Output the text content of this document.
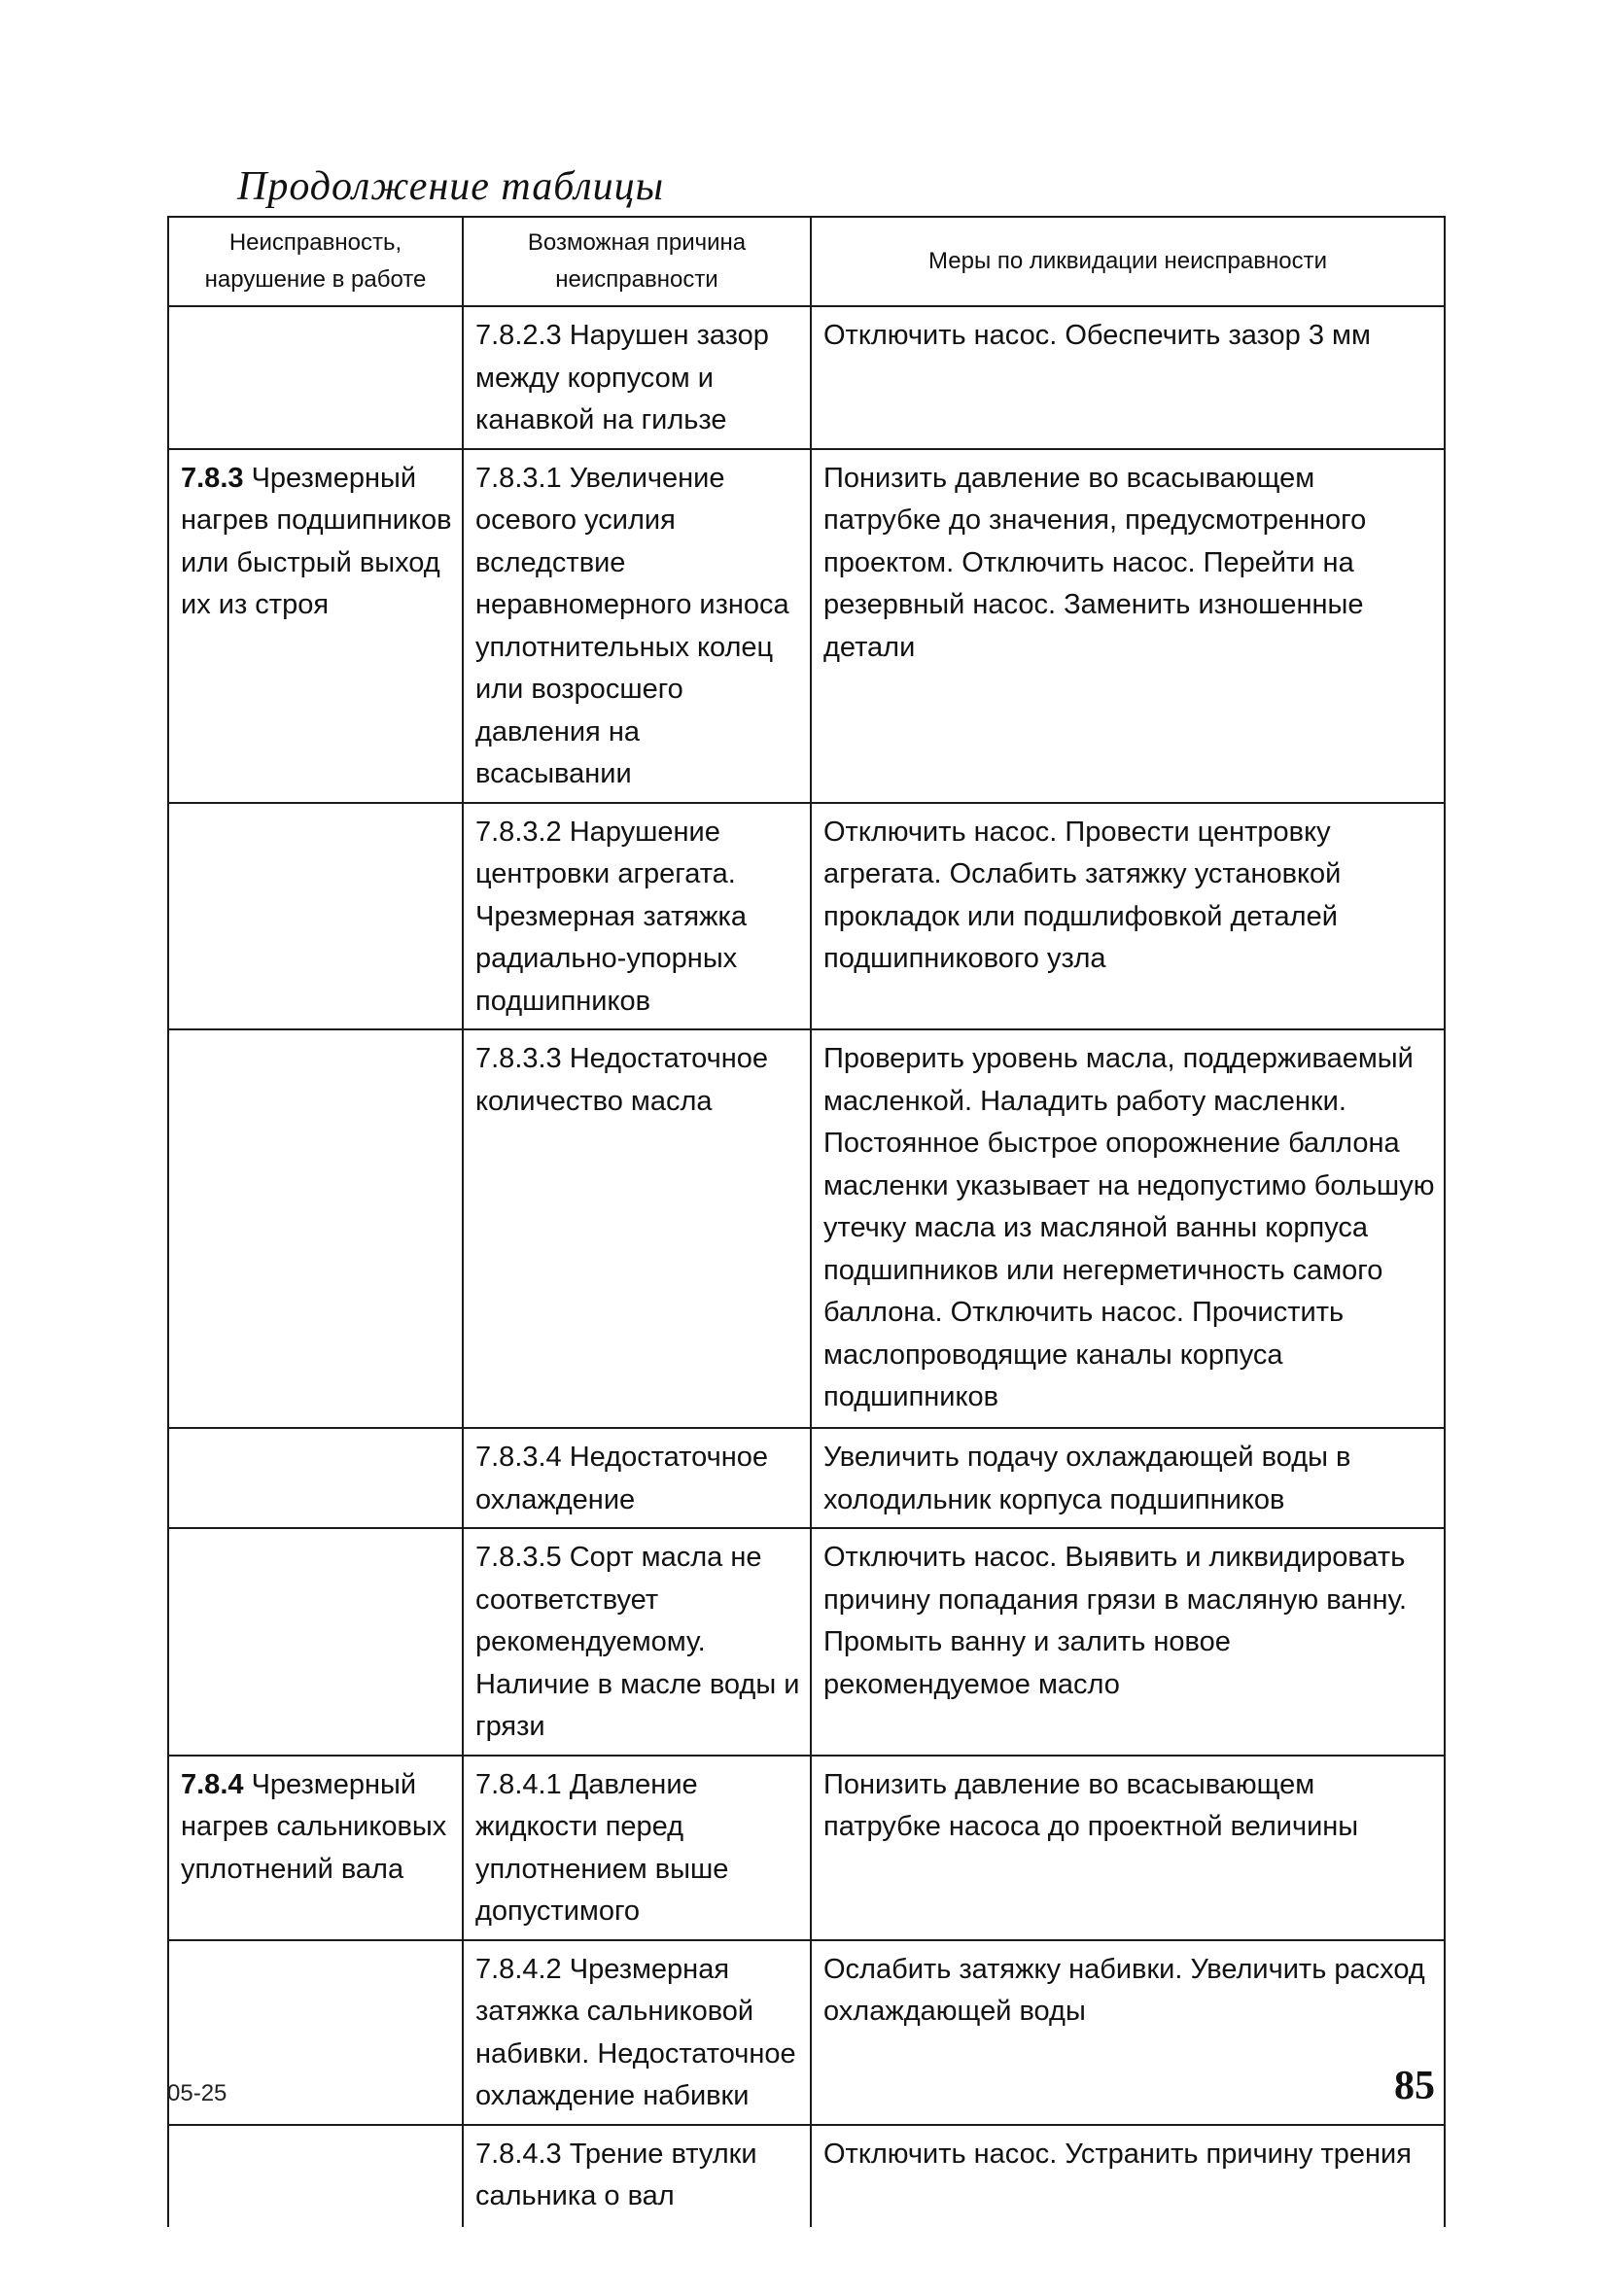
Продолжение таблицы
Неисправность, нарушение в работе	Возможная причина неисправности	Меры по ликвидации неисправности
	7.8.2.3 Нарушен зазор между корпусом и канавкой на гильзе	Отключить насос. Обеспечить зазор 3 мм
7.8.3 Чрезмерный нагрев подшипников или быстрый выход их из строя	7.8.3.1 Увеличение осевого усилия вследствие неравномерного износа уплотнительных колец или возросшего давления на всасывании	Понизить давление во всасывающем патрубке до значения, предусмотренного проектом. Отключить насос. Перейти на резервный насос. Заменить изношенные детали
	7.8.3.2 Нарушение центровки агрегата. Чрезмерная затяжка радиально-упорных подшипников	Отключить насос. Провести центровку агрегата. Ослабить затяжку установкой прокладок или подшлифовкой деталей подшипникового узла
	7.8.3.3 Недостаточное количество масла	Проверить уровень масла, поддерживаемый масленкой. Наладить работу масленки. Постоянное быстрое опорожнение баллона масленки указывает на недопустимо большую утечку масла из масляной ванны корпуса подшипников или негерметичность самого баллона. Отключить насос. Прочистить маслопроводящие каналы корпуса подшипников
	7.8.3.4 Недостаточное охлаждение	Увеличить подачу охлаждающей воды в холодильник корпуса подшипников
	7.8.3.5 Сорт масла не соответствует рекомендуемому. Наличие в масле воды и грязи	Отключить насос. Выявить и ликвидировать причину попадания грязи в масляную ванну. Промыть ванну и залить новое рекомендуемое масло
7.8.4 Чрезмерный нагрев сальниковых уплотнений вала	7.8.4.1 Давление жидкости перед уплотнением выше допустимого	Понизить давление во всасывающем патрубке насоса до проектной величины
	7.8.4.2 Чрезмерная затяжка сальниковой набивки. Недостаточное охлаждение набивки	Ослабить затяжку набивки. Увеличить расход охлаждающей воды
	7.8.4.3 Трение втулки сальника о вал	Отключить насос. Устранить причину трения
05-25	85
